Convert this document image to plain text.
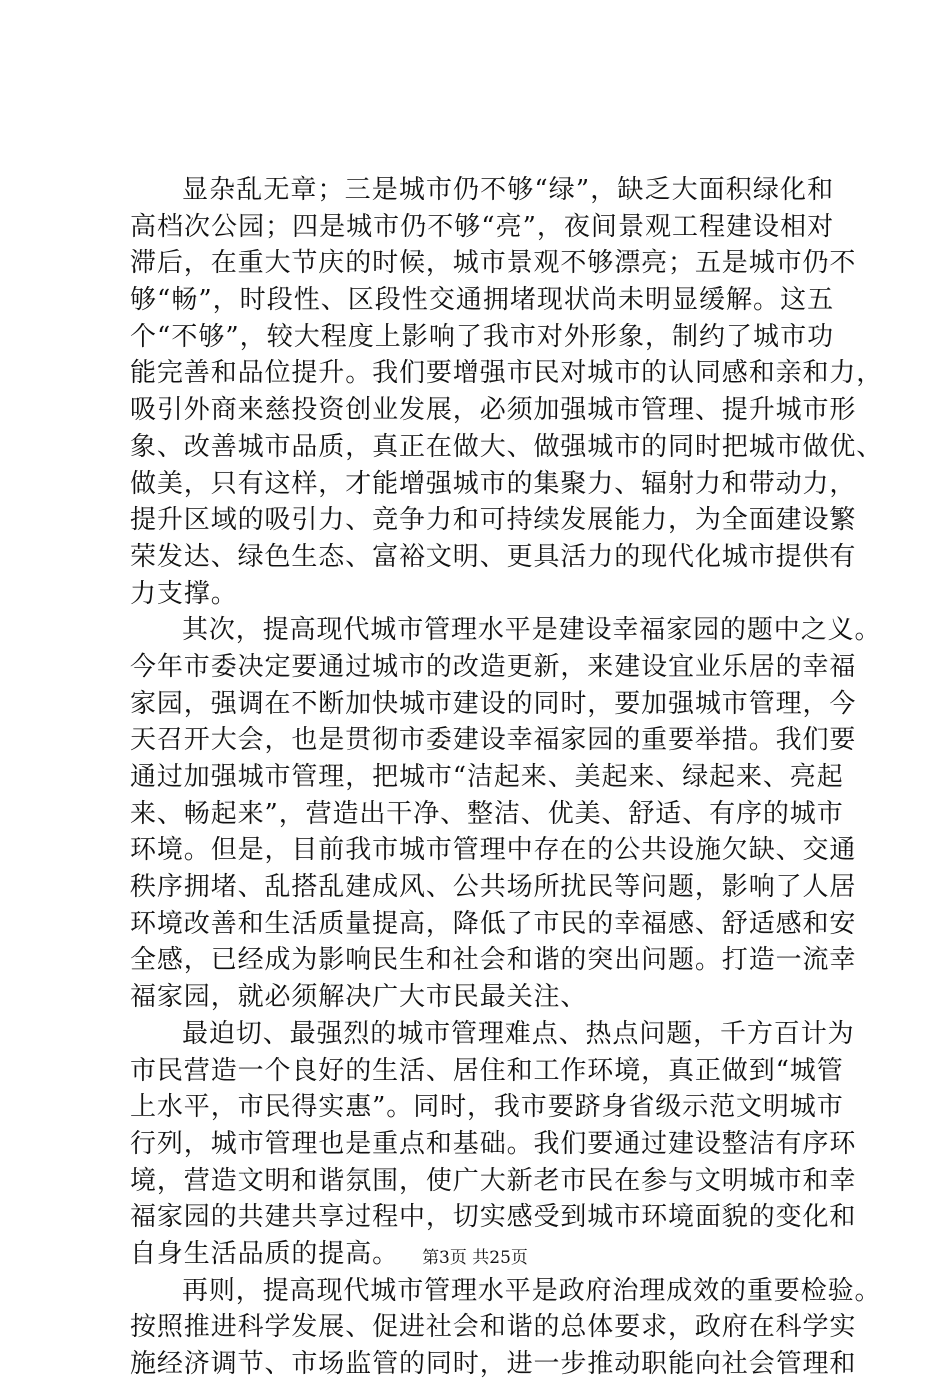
显杂乱无章；三是城市仍不够“绿”，缺乏大面积绿化和
高档次公园；四是城市仍不够“亮”，夜间景观工程建设相对
滞后，在重大节庆的时候，城市景观不够漂亮；五是城市仍不
够“畅”，时段性、区段性交通拥堵现状尚未明显缓解。这五
个“不够”，较大程度上影响了我市对外形象，制约了城市功
能完善和品位提升。我们要增强市民对城市的认同感和亲和力，
吸引外商来慈投资创业发展，必须加强城市管理、提升城市形
象、改善城市品质，真正在做大、做强城市的同时把城市做优、
做美，只有这样，才能增强城市的集聚力、辐射力和带动力，
提升区域的吸引力、竞争力和可持续发展能力，为全面建设繁
荣发达、绿色生态、富裕文明、更具活力的现代化城市提供有
力支撑。
其次，提高现代城市管理水平是建设幸福家园的题中之义。
今年市委决定要通过城市的改造更新，来建设宜业乐居的幸福
家园，强调在不断加快城市建设的同时，要加强城市管理，今
天召开大会，也是贯彻市委建设幸福家园的重要举措。我们要
通过加强城市管理，把城市“洁起来、美起来、绿起来、亮起
来、畅起来”，营造出干净、整洁、优美、舒适、有序的城市
环境。但是，目前我市城市管理中存在的公共设施欠缺、交通
秩序拥堵、乱搭乱建成风、公共场所扰民等问题，影响了人居
环境改善和生活质量提高，降低了市民的幸福感、舒适感和安
全感，已经成为影响民生和社会和谐的突出问题。打造一流幸
福家园，就必须解决广大市民最关注、
最迫切、最强烈的城市管理难点、热点问题，千方百计为
市民营造一个良好的生活、居住和工作环境，真正做到“城管
上水平，市民得实惠”。同时，我市要跻身省级示范文明城市
行列，城市管理也是重点和基础。我们要通过建设整洁有序环
境，营造文明和谐氛围，使广大新老市民在参与文明城市和幸
福家园的共建共享过程中，切实感受到城市环境面貌的变化和
自身生活品质的提高。
再则，提高现代城市管理水平是政府治理成效的重要检验。
按照推进科学发展、促进社会和谐的总体要求，政府在科学实
施经济调节、市场监管的同时，进一步推动职能向社会管理和
第3页 共25页
